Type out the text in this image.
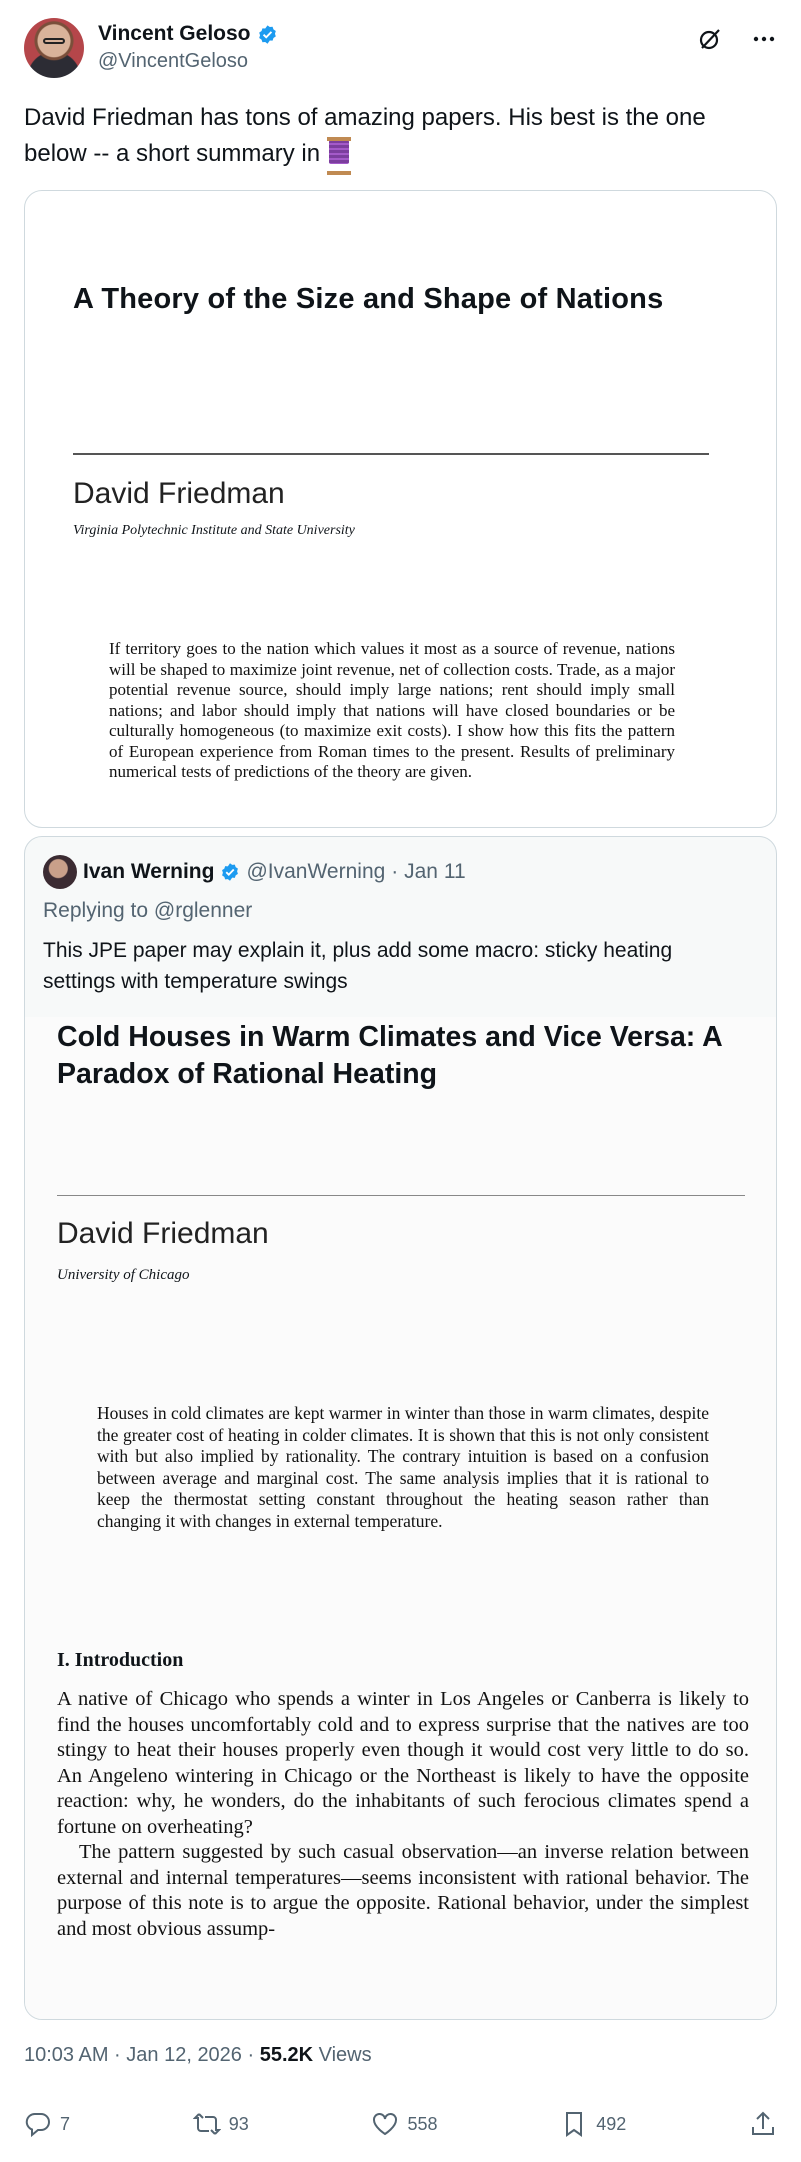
Vincent Geloso
@VincentGeloso
David Friedman has tons of amazing papers. His best is the one below -- a short summary in
A Theory of the Size and Shape of Nations
David Friedman
Virginia Polytechnic Institute and State University
If territory goes to the nation which values it most as a source of revenue, nations will be shaped to maximize joint revenue, net of collection costs. Trade, as a major potential revenue source, should imply large nations; rent should imply small nations; and labor should imply that nations will have closed boundaries or be culturally homogeneous (to maximize exit costs). I show how this fits the pattern of European experience from Roman times to the present. Results of preliminary numerical tests of predictions of the theory are given.
Ivan Werning @IvanWerning · Jan 11
Replying to @rglenner
This JPE paper may explain it, plus add some macro: sticky heating settings with temperature swings
Cold Houses in Warm Climates and Vice Versa: A Paradox of Rational Heating
David Friedman
University of Chicago
Houses in cold climates are kept warmer in winter than those in warm climates, despite the greater cost of heating in colder climates. It is shown that this is not only consistent with but also implied by rationality. The contrary intuition is based on a confusion between average and marginal cost. The same analysis implies that it is rational to keep the thermostat setting constant throughout the heating season rather than changing it with changes in external temperature.
I. Introduction

A native of Chicago who spends a winter in Los Angeles or Canberra is likely to find the houses uncomfortably cold and to express surprise that the natives are too stingy to heat their houses properly even though it would cost very little to do so. An Angeleno wintering in Chicago or the Northeast is likely to have the opposite reaction: why, he wonders, do the inhabitants of such ferocious climates spend a fortune on overheating?

The pattern suggested by such casual observation—an inverse relation between external and internal temperatures—seems inconsistent with rational behavior. The purpose of this note is to argue the opposite. Rational behavior, under the simplest and most obvious assump-

10:03 AM · Jan 12, 2026 · 55.2K Views
7	93	558	492
